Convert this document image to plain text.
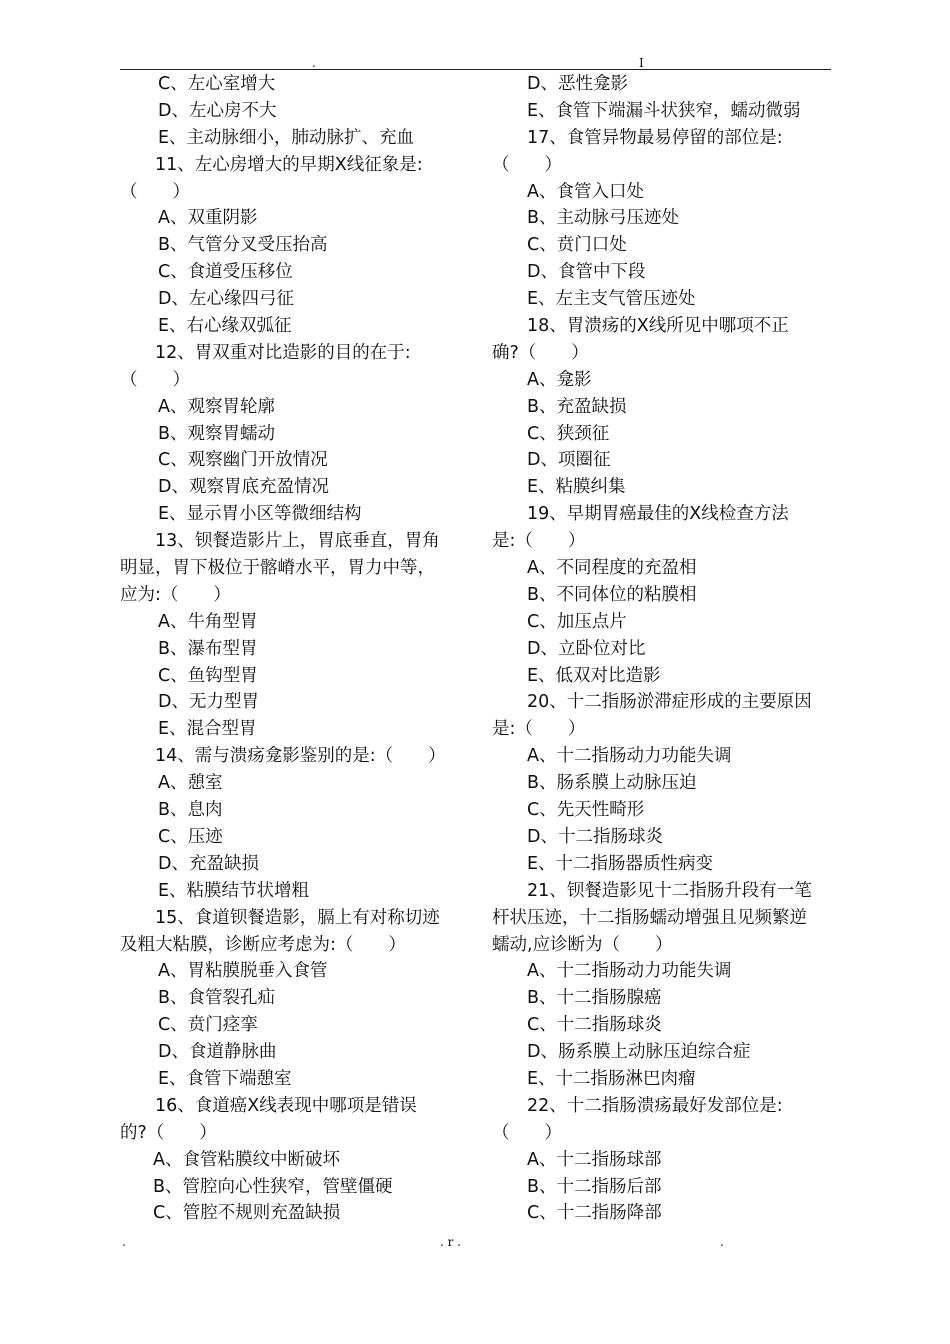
.	I
C、左心室增大
D、左心房不大
E、主动脉细小，肺动脉扩、充血
11、左心房增大的早期X线征象是:
（　　）
A、双重阴影
B、气管分叉受压抬高
C、食道受压移位
D、左心缘四弓征
E、右心缘双弧征
12、胃双重对比造影的目的在于:
（　　）
A、观察胃轮廓
B、观察胃蠕动
C、观察幽门开放情况
D、观察胃底充盈情况
E、显示胃小区等微细结构
13、钡餐造影片上，胃底垂直，胃角
明显，胃下极位于髂嵴水平，胃力中等，
应为:（　　）
A、牛角型胃
B、瀑布型胃
C、鱼钩型胃
D、无力型胃
E、混合型胃
14、需与溃疡龛影鉴别的是:（　　）
A、憩室
B、息肉
C、压迹
D、充盈缺损
E、粘膜结节状增粗
15、食道钡餐造影，膈上有对称切迹
及粗大粘膜，诊断应考虑为:（　　）
A、胃粘膜脱垂入食管
B、食管裂孔疝
C、贲门痉挛
D、食道静脉曲
E、食管下端憩室
16、食道癌X线表现中哪项是错误
的?（　　）
A、食管粘膜纹中断破坏
B、管腔向心性狭窄，管壁僵硬
C、管腔不规则充盈缺损
D、恶性龛影
E、食管下端漏斗状狭窄，蠕动微弱
17、食管异物最易停留的部位是:
（　　）
A、食管入口处
B、主动脉弓压迹处
C、贲门口处
D、食管中下段
E、左主支气管压迹处
18、胃溃疡的X线所见中哪项不正
确?（　　）
A、龛影
B、充盈缺损
C、狭颈征
D、项圈征
E、粘膜纠集
19、早期胃癌最佳的X线检查方法
是:（　　）
A、不同程度的充盈相
B、不同体位的粘膜相
C、加压点片
D、立卧位对比
E、低双对比造影
20、十二指肠淤滞症形成的主要原因
是:（　　）
A、十二指肠动力功能失调
B、肠系膜上动脉压迫
C、先天性畸形
D、十二指肠球炎
E、十二指肠器质性病变
21、钡餐造影见十二指肠升段有一笔
杆状压迹，十二指肠蠕动增强且见频繁逆
蠕动,应诊断为（　　）
A、十二指肠动力功能失调
B、十二指肠腺癌
C、十二指肠球炎
D、肠系膜上动脉压迫综合症
E、十二指肠淋巴肉瘤
22、十二指肠溃疡最好发部位是:
（　　）
A、十二指肠球部
B、十二指肠后部
C、十二指肠降部
.	. r .	.
